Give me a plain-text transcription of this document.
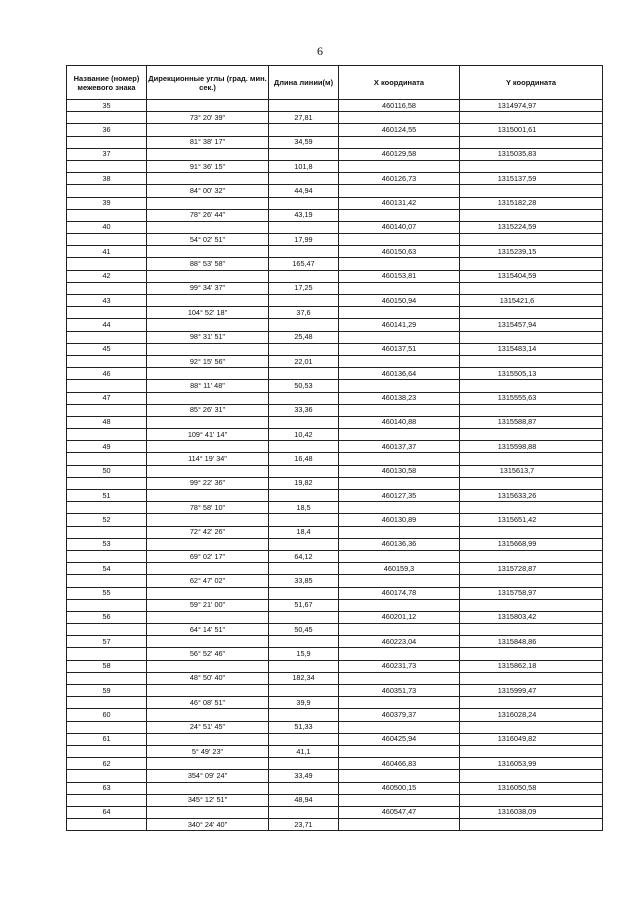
6
Название (номер) межевого знака	Дирекционные углы (град. мин. сек.)	Длина линии(м)	X координата	Y координата
35			460116,58	1314974,97
	73° 20' 39"	27,81		
36			460124,55	1315001,61
	81° 38' 17"	34,59		
37			460129,58	1315035,83
	91° 36' 15"	101,8		
38			460126,73	1315137,59
	84° 00' 32"	44,94		
39			460131,42	1315182,28
	78° 26' 44"	43,19		
40			460140,07	1315224,59
	54° 02' 51"	17,99		
41			460150,63	1315239,15
	88° 53' 58"	165,47		
42			460153,81	1315404,59
	99° 34' 37"	17,25		
43			460150,94	1315421,6
	104° 52' 18"	37,6		
44			460141,29	1315457,94
	98° 31' 51"	25,48		
45			460137,51	1315483,14
	92° 15' 56"	22,01		
46			460136,64	1315505,13
	88° 11' 48"	50,53		
47			460138,23	1315555,63
	85° 26' 31"	33,36		
48			460140,88	1315588,87
	109° 41' 14"	10,42		
49			460137,37	1315598,88
	114° 19' 34"	16,48		
50			460130,58	1315613,7
	99° 22' 36"	19,82		
51			460127,35	1315633,26
	78° 58' 10"	18,5		
52			460130,89	1315651,42
	72° 42' 26"	18,4		
53			460136,36	1315668,99
	69° 02' 17"	64,12		
54			460159,3	1315728,87
	62° 47' 02"	33,85		
55			460174,78	1315758,97
	59° 21' 00"	51,67		
56			460201,12	1315803,42
	64° 14' 51"	50,45		
57			460223,04	1315848,86
	56° 52' 46"	15,9		
58			460231,73	1315862,18
	48° 50' 40"	182,34		
59			460351,73	1315999,47
	46° 08' 51"	39,9		
60			460379,37	1316028,24
	24° 51' 45"	51,33		
61			460425,94	1316049,82
	5° 49' 23"	41,1		
62			460466,83	1316053,99
	354° 09' 24"	33,49		
63			460500,15	1316050,58
	345° 12' 51"	48,94		
64			460547,47	1316038,09
	340° 24' 40"	23,71		
